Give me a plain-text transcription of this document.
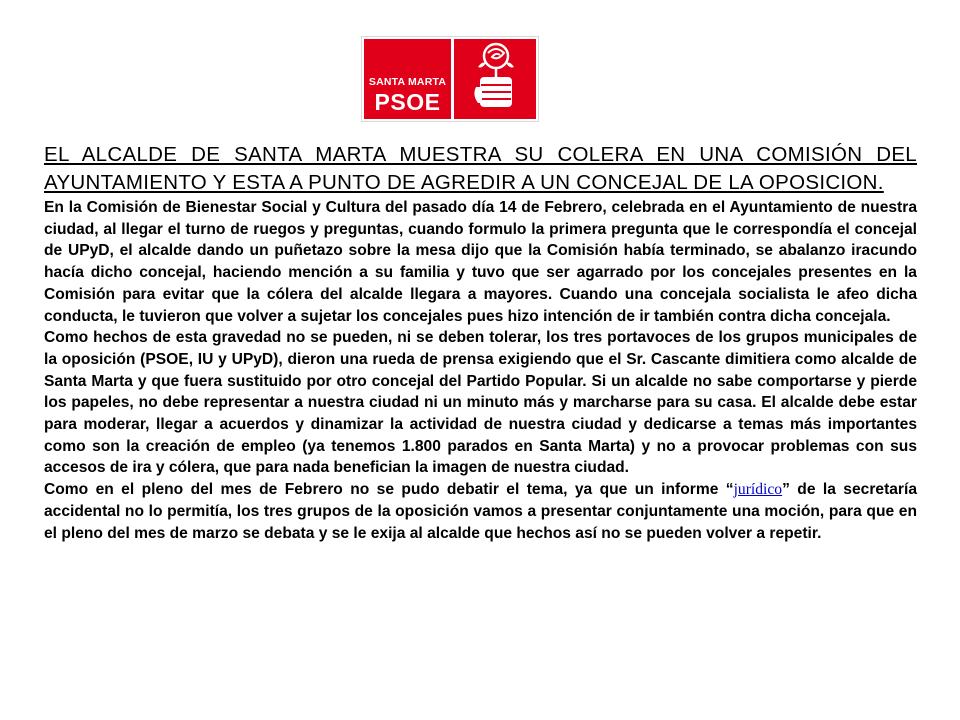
SANTA MARTA
PSOE
EL ALCALDE DE SANTA MARTA MUESTRA SU COLERA EN UNA COMISIÓN DEL AYUNTAMIENTO Y ESTA A PUNTO DE AGREDIR A UN CONCEJAL DE LA OPOSICION.

En la Comisión de Bienestar Social y Cultura del pasado día 14 de Febrero, celebrada en el Ayuntamiento de nuestra ciudad, al llegar el turno de ruegos y preguntas, cuando formulo la primera pregunta que le correspondía el concejal de UPyD, el alcalde dando un puñetazo sobre la mesa dijo que la Comisión había terminado, se abalanzo iracundo hacía dicho concejal, haciendo mención a su familia y tuvo que ser agarrado por los concejales presentes en la Comisión para evitar que la cólera del alcalde llegara a mayores. Cuando una concejala socialista le afeo dicha conducta, le tuvieron que volver a sujetar los concejales pues hizo intención de ir también contra dicha concejala.

Como hechos de esta gravedad no se pueden, ni se deben tolerar, los tres portavoces de los grupos municipales de la oposición (PSOE, IU y UPyD), dieron una rueda de prensa exigiendo que el Sr. Cascante dimitiera como alcalde de Santa Marta y que fuera sustituido por otro concejal del Partido Popular. Si un alcalde no sabe comportarse y pierde los papeles, no debe representar a nuestra ciudad ni un minuto más y marcharse para su casa. El alcalde debe estar para moderar, llegar a acuerdos y dinamizar la actividad de nuestra ciudad y dedicarse a temas más importantes como son la creación de empleo (ya tenemos 1.800 parados en Santa Marta) y no a provocar problemas con sus accesos de ira y cólera, que para nada benefician la imagen de nuestra ciudad.

Como en el pleno del mes de Febrero no se pudo debatir el tema, ya que un informe “jurídico” de la secretaría accidental no lo permitía, los tres grupos de la oposición vamos a presentar conjuntamente una moción, para que en el pleno del mes de marzo se debata y se le exija al alcalde que hechos así no se pueden volver a repetir.
